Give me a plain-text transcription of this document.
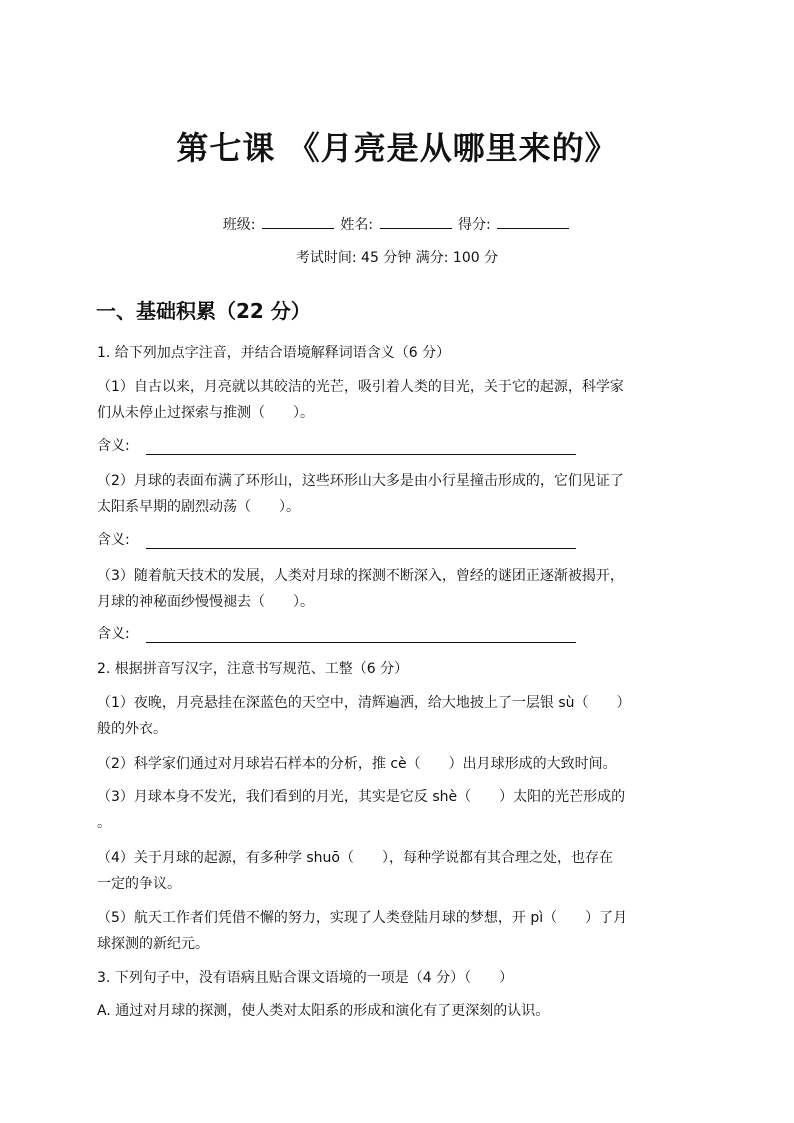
第七课 《月亮是从哪里来的》
班级:	姓名:	得分:
考试时间: 45 分钟 满分: 100 分
一、基础积累（22 分）
1. 给下列加点字注音，并结合语境解释词语含义（6 分）
（1）自古以来，月亮就以其皎洁的光芒，吸引着人类的目光，关于它的起源，科学家
们从未停止过探索与推测（　　）。
含义:
（2）月球的表面布满了环形山，这些环形山大多是由小行星撞击形成的，它们见证了
太阳系早期的剧烈动荡（　　）。
含义:
（3）随着航天技术的发展，人类对月球的探测不断深入，曾经的谜团正逐渐被揭开，
月球的神秘面纱慢慢褪去（　　）。
含义:
2. 根据拼音写汉字，注意书写规范、工整（6 分）
（1）夜晚，月亮悬挂在深蓝色的天空中，清辉遍洒，给大地披上了一层银 sù（　　）
般的外衣。
（2）科学家们通过对月球岩石样本的分析，推 cè（　　）出月球形成的大致时间。
（3）月球本身不发光，我们看到的月光，其实是它反 shè（　　）太阳的光芒形成的
。
（4）关于月球的起源，有多种学 shuō（　　），每种学说都有其合理之处，也存在
一定的争议。
（5）航天工作者们凭借不懈的努力，实现了人类登陆月球的梦想，开 pì（　　）了月
球探测的新纪元。
3. 下列句子中，没有语病且贴合课文语境的一项是（4 分）（　　）
A. 通过对月球的探测，使人类对太阳系的形成和演化有了更深刻的认识。
